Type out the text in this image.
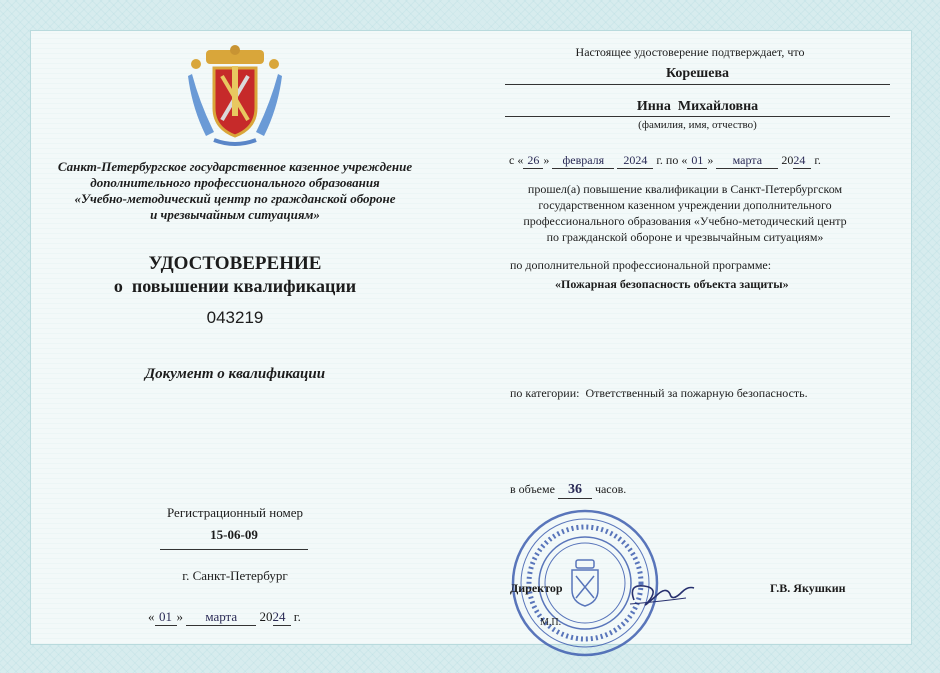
Санкт-Петербургское государственное казенное учреждение
дополнительного профессионального образования
«Учебно-методический центр по гражданской обороне
и чрезвычайным ситуациям»
УДОСТОВЕРЕНИЕ
о  повышении квалификации
043219
Документ о квалификации
Регистрационный номер
15-06-09
г. Санкт-Петербург
« 01 » марта 2024 г.
Настоящее удостоверение подтверждает, что
Корешева
Инна  Михайловна
(фамилия, имя, отчество)
с « 26 » февраля 2024 г. по « 01 » марта 2024 г.
прошел(а) повышение квалификации в Санкт-Петербургском
государственном казенном учреждении дополнительного
профессионального образования «Учебно-методический центр
по гражданской обороне и чрезвычайным ситуациям»
по дополнительной профессиональной программе:
«Пожарная безопасность объекта защиты»
по категории:  Ответственный за пожарную безопасность.
в объеме 36 часов.
Директор
М.П.
Г.В. Якушкин
